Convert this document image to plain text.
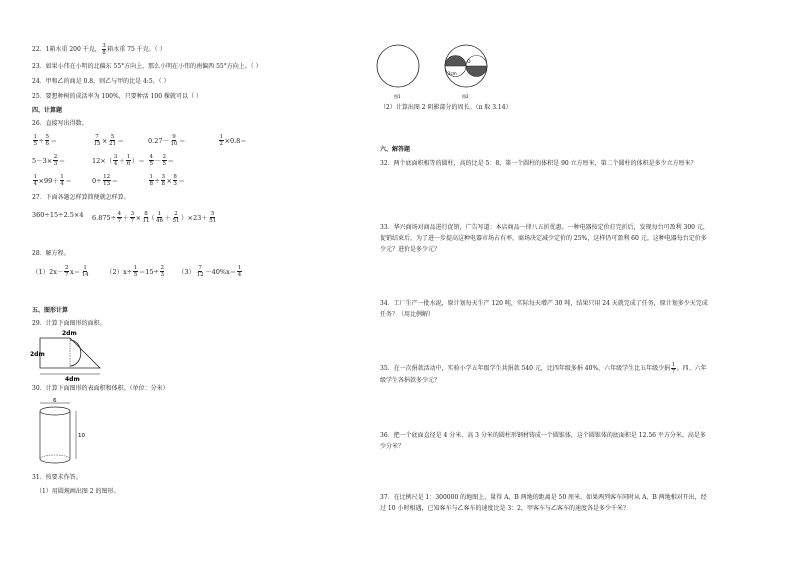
22．1箱水重 200 千克， $\frac{3}{8}$ 箱水重 75 千克。（ ）
23．如果小伟在小明的北偏东 55°方向上，那么小明在小伟的南偏西 55°方向上。（ ）
24．甲和乙的商是 0.8，则乙与甲的比是 4:5。（ ）
25．要想种树的成活率为 100%，只要种活 100 棵就可以（ ）
四、计算题
26．直接写出得数。
$\frac{1}{5} \div \frac{5}{6}$ ＝	$\frac{7}{15} \times \frac{5}{21}$ ＝	$0.27- \frac{9}{10}$ ＝	$\frac{1}{2} \times 0.8=$
$5-3\times \frac{2}{3}$ ＝	$12\times( \frac{3}{4} + \frac{1}{6}$ ）＝ $\frac{4}{5} - \frac{2}{5}$ ＝
$\frac{1}{4} \times 99+ \frac{1}{4}$ ＝	$0\div \frac{12}{13}$ ＝	$\frac{1}{8} \div \frac{3}{8} \times \frac{8}{3}$ ＝
27．下面各题怎样算简便就怎样算。
360÷15÷2.5×4 $6.875\div \frac{4}{7} + \frac{3}{7} \times \frac{8}{11}$
（ $\frac{1}{46} + \frac{2}{51} )\times 23+ \frac{5}{51}$
28．解方程。
$(1)2x- \frac{2}{7} x= \frac{1}{14}$	$(2)x\div \frac{1}{5} =15\div \frac{2}{3} (3) \frac{7}{12} -40\%x= \frac{1}{4}$
五、图形计算
29．计算下面图形的面积。
2dm
2dm
4dm
30．计算下面图形的表面积和体积。（单位：分米）
6
10
31．按要求作答。
（1）用圆规画出图 2 的图形。
图1
O
2cm
图2
（2）计算出图 2 阴影部分的周长。（π 取 3.14）
六、解答题
32．两个底面积相等的圆柱，高的比是 5：8，第一个圆柱的体积是 90 立方厘米，第二个圆柱的体积是多少立方厘米？
33．华兴商场对商品进行促销，广告写道：本店商品一律八五折优惠。一种电器按定价打完折后，发现每台可盈利 300 元，促销结束后，为了进一步提高这种电器市场占有率，商场决定减少定价的 25%，这样仍可盈利 60 元。这种电器每台定价多少元？进价是多少元？
34．工厂生产一批水泥，原计划每天生产 120 吨，实际每天增产 30 吨，结果只用 24 天就完成了任务，原计划多少天完成任务？（用比例解）
35．在一次捐款活动中，实验小学五年级学生共捐款 540 元，比四年级多捐 40%，六年级学生比五年级少捐 $\frac{1}{7}$ 。四、六年级学生各捐款多少元？
36．把一个底面直径是 4 分米、高 3 分米的圆柱形钢材铸成一个圆锥体，这个圆锥体的底面积是 12.56 平方分米，高是多少分米？
37．在比例尺是 1：300000 的地图上，量得 A、B 两地的距离是 50 厘米，如果两列客车同时从 A、B 两地相对开出，经过 10 小时相遇，已知客车与乙客车的速度比是 3：2，甲客车与乙客车的速度各是多少千米？
